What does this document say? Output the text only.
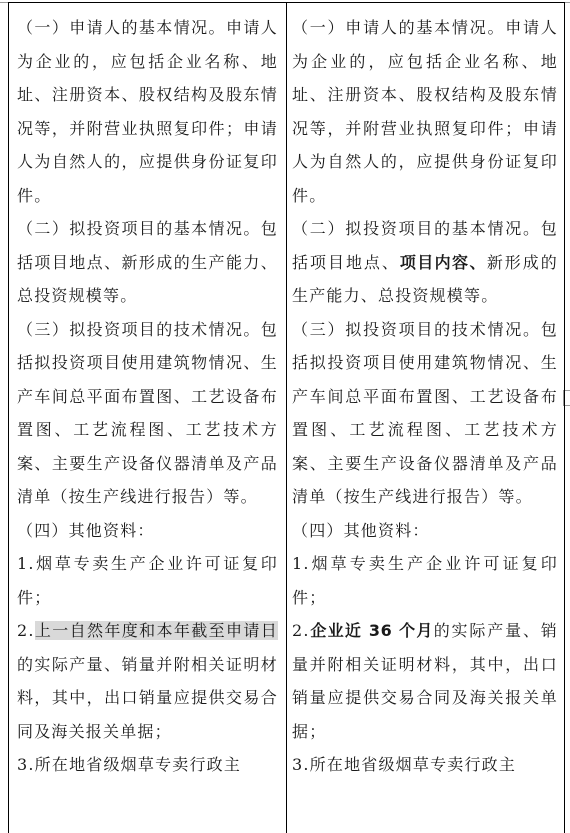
（一）申请人的基本情况。申请人为企业的，应包括企业名称、地址、注册资本、股权结构及股东情况等，并附营业执照复印件；申请人为自然人的，应提供身份证复印件。

（二）拟投资项目的基本情况。包括项目地点、新形成的生产能力、总投资规模等。

（三）拟投资项目的技术情况。包括拟投资项目使用建筑物情况、生产车间总平面布置图、工艺设备布置图、工艺流程图、工艺技术方案、主要生产设备仪器清单及产品清单（按生产线进行报告）等。

（四）其他资料：

1.烟草专卖生产企业许可证复印件；

2.上一自然年度和本年截至申请日的实际产量、销量并附相关证明材料，其中，出口销量应提供交易合同及海关报关单据；

3.所在地省级烟草专卖行政主

（一）申请人的基本情况。申请人为企业的，应包括企业名称、地址、注册资本、股权结构及股东情况等，并附营业执照复印件；申请人为自然人的，应提供身份证复印件。

（二）拟投资项目的基本情况。包括项目地点、项目内容、新形成的生产能力、总投资规模等。

（三）拟投资项目的技术情况。包括拟投资项目使用建筑物情况、生产车间总平面布置图、工艺设备布置图、工艺流程图、工艺技术方案、主要生产设备仪器清单及产品清单（按生产线进行报告）等。

（四）其他资料：

1.烟草专卖生产企业许可证复印件；

2.企业近 36 个月的实际产量、销量并附相关证明材料，其中，出口销量应提供交易合同及海关报关单据；

3.所在地省级烟草专卖行政主
